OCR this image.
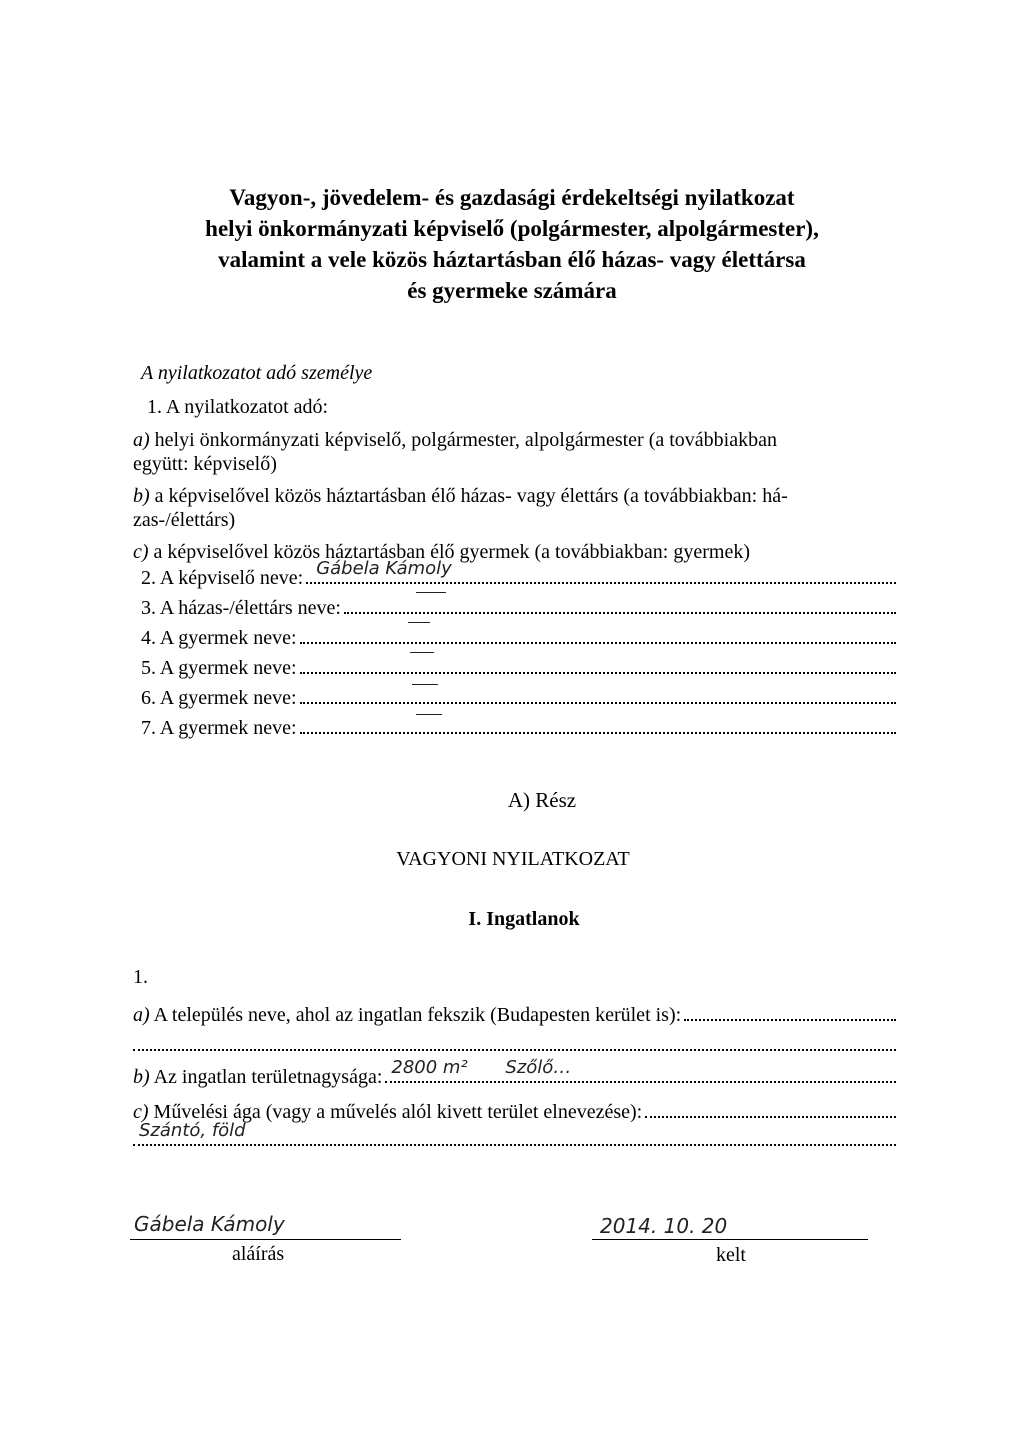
Vagyon-, jövedelem- és gazdasági érdekeltségi nyilatkozat
helyi önkormányzati képviselő (polgármester, alpolgármester),
valamint a vele közös háztartásban élő házas- vagy élettársa
és gyermeke számára
A nyilatkozatot adó személye
1. A nyilatkozatot adó:
a) helyi önkormányzati képviselő, polgármester, alpolgármester (a továbbiakban
együtt: képviselő)
b) a képviselővel közös háztartásban élő házas- vagy élettárs (a továbbiakban: há-
zas-/élettárs)
c) a képviselővel közös háztartásban élő gyermek (a továbbiakban: gyermek)
2. A képviselő neve: Gábela Kámoly
3. A házas-/élettárs neve:
4. A gyermek neve:
5. A gyermek neve:
6. A gyermek neve:
7. A gyermek neve:
A) Rész
VAGYONI NYILATKOZAT
I. Ingatlanok
1.
a) A település neve, ahol az ingatlan fekszik (Budapesten kerület is):
b) Az ingatlan területnagysága: 2800 m² Szőlő…
c) Művelési ága (vagy a művelés alól kivett terület elnevezése):
Szántó, föld
Gábela Kámoly
aláírás
2014. 10. 20
kelt
